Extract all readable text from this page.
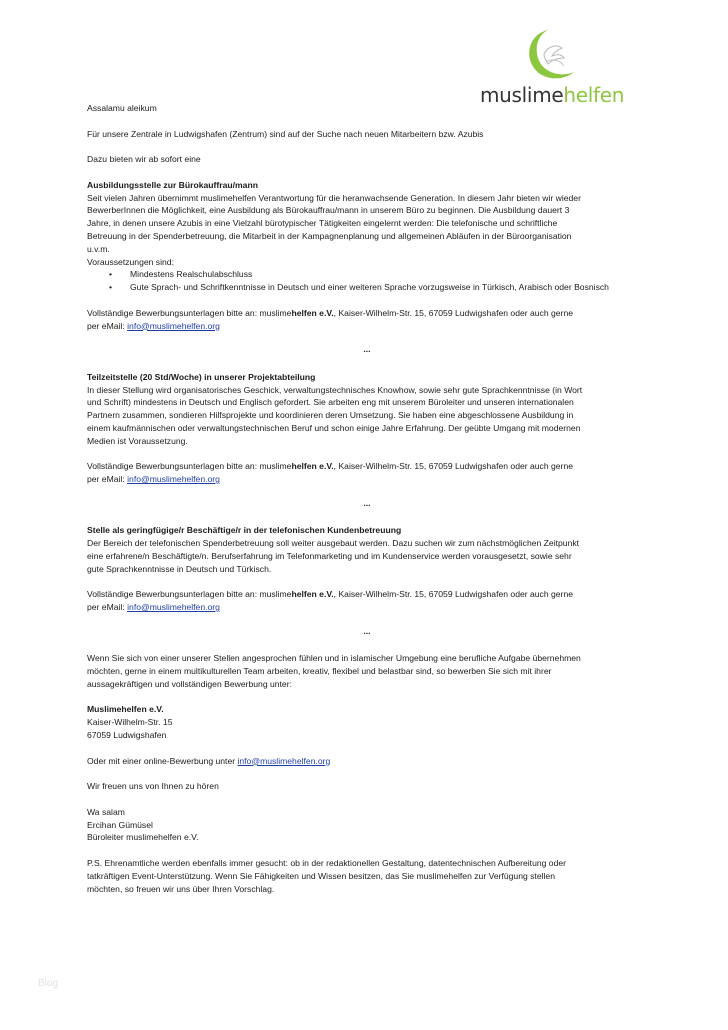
muslimehelfen

Assalamu aleikum

Für unsere Zentrale in Ludwigshafen (Zentrum) sind auf der Suche nach neuen Mitarbeitern bzw. Azubis

Dazu bieten wir ab sofort eine

Ausbildungsstelle zur Bürokauffrau/mann

Seit vielen Jahren übernimmt muslimehelfen Verantwortung für die heranwachsende Generation. In diesem Jahr bieten wir wieder

BewerberInnen die Möglichkeit, eine Ausbildung als Bürokauffrau/mann in unserem Büro zu beginnen. Die Ausbildung dauert 3

Jahre, in denen unsere Azubis in eine Vielzahl bürotypischer Tätigkeiten eingelernt werden: Die telefonische und schriftliche

Betreuung in der Spenderbetreuung, die Mitarbeit in der Kampagnenplanung und allgemeinen Abläufen in der Büroorganisation

u.v.m.

Voraussetzungen sind:

• Mindestens Realschulabschluss
• Gute Sprach- und Schriftkenntnisse in Deutsch und einer weiteren Sprache vorzugsweise in Türkisch, Arabisch oder Bosnisch

Vollständige Bewerbungsunterlagen bitte an: muslimehelfen e.V., Kaiser-Wilhelm-Str. 15, 67059 Ludwigshafen oder auch gerne

per eMail: info@muslimehelfen.org

...

Teilzeitstelle (20 Std/Woche) in unserer Projektabteilung

In dieser Stellung wird organisatorisches Geschick, verwaltungstechnisches Knowhow, sowie sehr gute Sprachkenntnisse (in Wort

und Schrift) mindestens in Deutsch und Englisch gefordert. Sie arbeiten eng mit unserem Büroleiter und unseren internationalen

Partnern zusammen, sondieren Hilfsprojekte und koordinieren deren Umsetzung. Sie haben eine abgeschlossene Ausbildung in

einem kaufmännischen oder verwaltungstechnischen Beruf und schon einige Jahre Erfahrung. Der geübte Umgang mit modernen

Medien ist Voraussetzung.

Vollständige Bewerbungsunterlagen bitte an: muslimehelfen e.V., Kaiser-Wilhelm-Str. 15, 67059 Ludwigshafen oder auch gerne

per eMail: info@muslimehelfen.org

...

Stelle als geringfügige/r Beschäftige/r in der telefonischen Kundenbetreuung

Der Bereich der telefonischen Spenderbetreuung soll weiter ausgebaut werden. Dazu suchen wir zum nächstmöglichen Zeitpunkt

eine erfahrene/n Beschäftigte/n. Berufserfahrung im Telefonmarketing und im Kundenservice werden vorausgesetzt, sowie sehr

gute Sprachkenntnisse in Deutsch und Türkisch.

Vollständige Bewerbungsunterlagen bitte an: muslimehelfen e.V., Kaiser-Wilhelm-Str. 15, 67059 Ludwigshafen oder auch gerne

per eMail: info@muslimehelfen.org

...

Wenn Sie sich von einer unserer Stellen angesprochen fühlen und in islamischer Umgebung eine berufliche Aufgabe übernehmen

möchten, gerne in einem multikulturellen Team arbeiten, kreativ, flexibel und belastbar sind, so bewerben Sie sich mit ihrer

aussagekräftigen und vollständigen Bewerbung unter:

Muslimehelfen e.V.

Kaiser-Wilhelm-Str. 15

67059 Ludwigshafen

Oder mit einer online-Bewerbung unter info@muslimehelfen.org

Wir freuen uns von Ihnen zu hören

Wa salam

Ercihan Gümüsel

Büroleiter muslimehelfen e.V.

P.S. Ehrenamtliche werden ebenfalls immer gesucht: ob in der redaktionellen Gestaltung, datentechnischen Aufbereitung oder

tatkräftigen Event-Unterstützung. Wenn Sie Fähigkeiten und Wissen besitzen, das Sie muslimehelfen zur Verfügung stellen

möchten, so freuen wir uns über Ihren Vorschlag.

Blog
